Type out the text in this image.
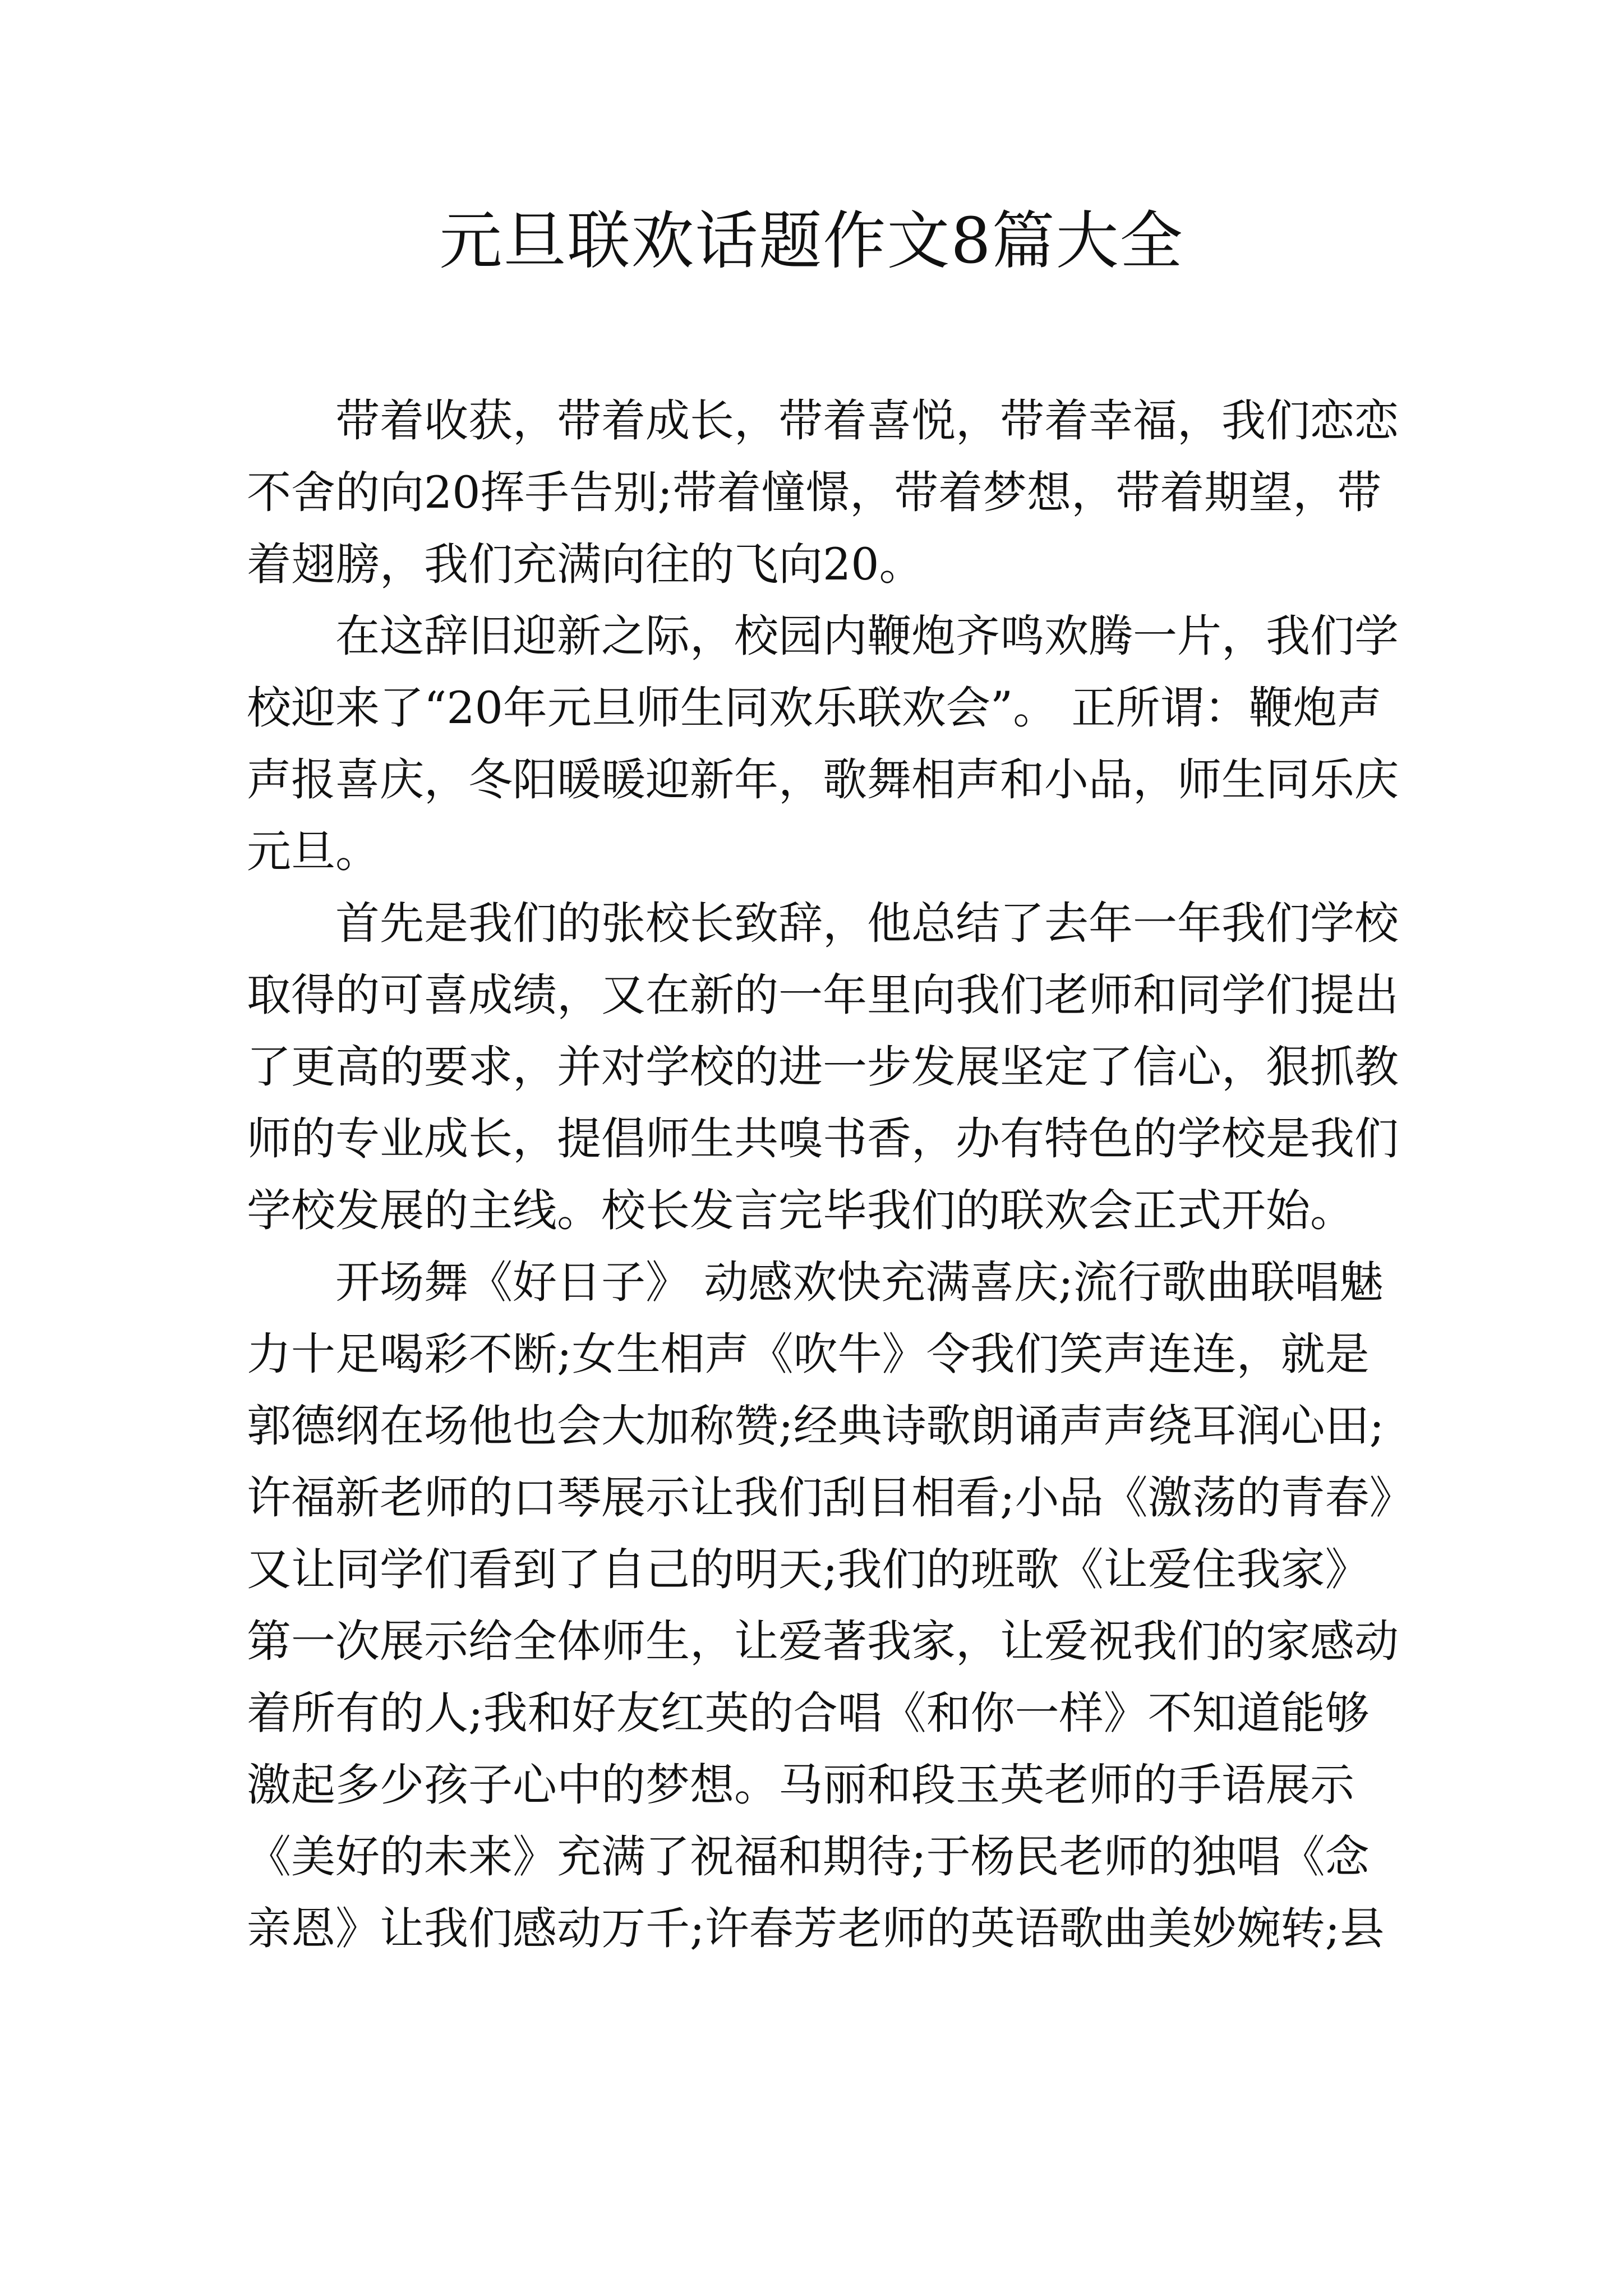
元旦联欢话题作文8篇大全

　　带着收获，带着成长，带着喜悦，带着幸福，我们恋恋

不舍的向20挥手告别;带着憧憬，带着梦想，带着期望，带

着翅膀，我们充满向往的飞向20。

　　在这辞旧迎新之际，校园内鞭炮齐鸣欢腾一片，我们学

校迎来了“20年元旦师生同欢乐联欢会”。 正所谓：鞭炮声

声报喜庆，冬阳暖暖迎新年，歌舞相声和小品，师生同乐庆

元旦。

　　首先是我们的张校长致辞，他总结了去年一年我们学校

取得的可喜成绩，又在新的一年里向我们老师和同学们提出

了更高的要求，并对学校的进一步发展坚定了信心，狠抓教

师的专业成长，提倡师生共嗅书香，办有特色的学校是我们

学校发展的主线。校长发言完毕我们的联欢会正式开始。

　　开场舞《好日子》 动感欢快充满喜庆;流行歌曲联唱魅

力十足喝彩不断;女生相声《吹牛》令我们笑声连连，就是

郭德纲在场他也会大加称赞;经典诗歌朗诵声声绕耳润心田;

许福新老师的口琴展示让我们刮目相看;小品《激荡的青春》

又让同学们看到了自己的明天;我们的班歌《让爱住我家》

第一次展示给全体师生，让爱著我家，让爱祝我们的家感动

着所有的人;我和好友红英的合唱《和你一样》不知道能够

激起多少孩子心中的梦想。马丽和段玉英老师的手语展示

《美好的未来》充满了祝福和期待;于杨民老师的独唱《念

亲恩》让我们感动万千;许春芳老师的英语歌曲美妙婉转;县
